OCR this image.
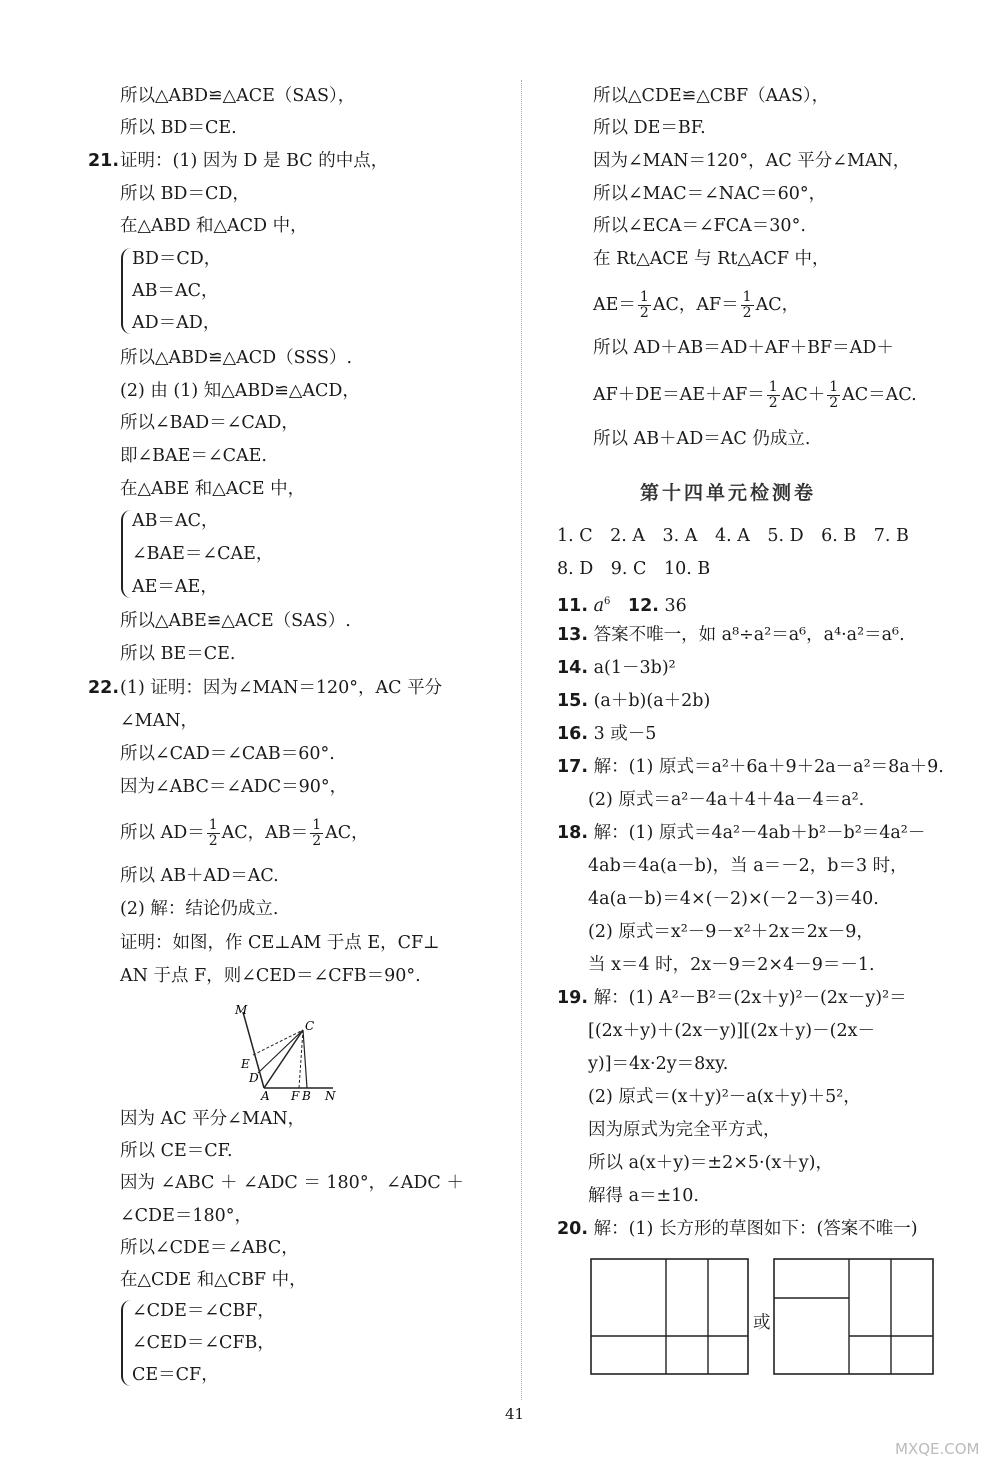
所以△ABD≌△ACE（SAS），
所以 BD＝CE.
21. 证明：(1) 因为 D 是 BC 的中点，
所以 BD＝CD，
在△ABD 和△ACD 中，
BD＝CD，
AB＝AC，
AD＝AD，
所以△ABD≌△ACD（SSS）.
(2) 由 (1) 知△ABD≌△ACD，
所以∠BAD＝∠CAD，
即∠BAE＝∠CAE.
在△ABE 和△ACE 中，
AB＝AC，
∠BAE＝∠CAE，
AE＝AE，
所以△ABE≌△ACE（SAS）.
所以 BE＝CE.
22. (1) 证明：因为∠MAN＝120°，AC 平分
∠MAN，
所以∠CAD＝∠CAB＝60°.
因为∠ABC＝∠ADC＝90°，
所以 $AD= \frac{1}{2}$ AC，$AB= \frac{1}{2}$ AC，
所以 AB＋AD＝AC.
(2) 解：结论仍成立.
证明：如图，作 CE⊥AM 于点 E，CF⊥
AN 于点 F，则∠CED＝∠CFB＝90°.
M
C
E
D
A F B N
因为 AC 平分∠MAN，
所以 CE＝CF.
因为 ∠ABC ＋ ∠ADC ＝ 180°，∠ADC ＋
∠CDE＝180°，
所以∠CDE＝∠ABC，
在△CDE 和△CBF 中，
∠CDE＝∠CBF，
∠CED＝∠CFB，
CE＝CF，
所以△CDE≌△CBF（AAS），
所以 DE＝BF.
因为∠MAN＝120°，AC 平分∠MAN，
所以∠MAC＝∠NAC＝60°，
所以∠ECA＝∠FCA＝30°.
在 Rt△ACE 与 Rt△ACF 中，
$AE= \frac{1}{2}$ AC，$AF= \frac{1}{2}$ AC，
所以 AD＋AB＝AD＋AF＋BF＝AD＋
$AF+DE=AE+AF= \frac{1}{2} AC+ \frac{1}{2} AC=AC$.
所以 AB＋AD＝AC 仍成立.
第十四单元检测卷
1. C　2. A　3. A　4. A　5. D　6. B　7. B
8. D　9. C　10. B
11. $a^6$　 12. 36
13. 答案不唯一，如 a⁸÷a²＝a⁶，a⁴·a²＝a⁶.
14. a(1－3b)²
15. (a＋b)(a＋2b)
16. 3 或－5
17. 解：(1) 原式＝a²＋6a＋9＋2a－a²＝8a＋9.
(2) 原式＝a²－4a＋4＋4a－4＝a².
18. 解：(1) 原式＝4a²－4ab＋b²－b²＝4a²－
4ab＝4a(a－b)，当 a＝－2，b＝3 时，
4a(a－b)＝4×(－2)×(－2－3)＝40.
(2) 原式＝x²－9－x²＋2x＝2x－9，
当 x＝4 时，2x－9＝2×4－9＝－1.
19. 解：(1) A²－B²＝(2x＋y)²－(2x－y)²＝
[(2x＋y)＋(2x－y)][(2x＋y)－(2x－
y)]＝4x·2y＝8xy.
(2) 原式＝(x＋y)²－a(x＋y)＋5²，
因为原式为完全平方式，
所以 a(x＋y)＝±2×5·(x＋y)，
解得 a＝±10.
20. 解：(1) 长方形的草图如下：(答案不唯一)
或
41
MXQE.COM
